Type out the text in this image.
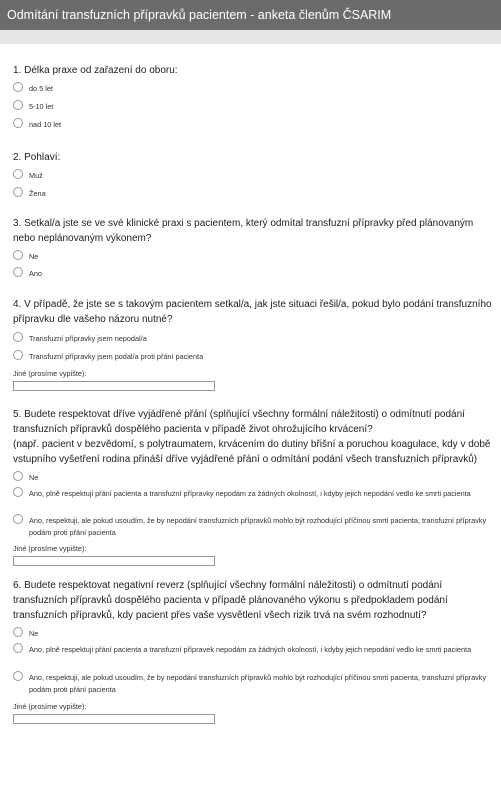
Odmítání transfuzních přípravků pacientem - anketa členům ČSARIM

1. Délka praxe od zařazení do oboru:

do 5 let
5-10 let
nad 10 let

2. Pohlaví:

Muž
Žena

3. Setkal/a jste se ve své klinické praxi s pacientem, který odmítal transfuzní přípravky před plánovaným nebo neplánovaným výkonem?

Ne
Ano

4. V případě, že jste se s takovým pacientem setkal/a, jak jste situaci řešil/a, pokud bylo podání transfuzního přípravku dle vašeho názoru nutné?

Transfuzní přípravky jsem nepodal/a
Transfuzní přípravky jsem podal/a proti přání pacienta
Jiné (prosíme vypište):

5. Budete respektovat dříve vyjádřené přání (splňující všechny formální náležitosti) o odmítnutí podání transfuzních přípravků dospělého pacienta v případě život ohrožujícího krvácení?

(např. pacient v bezvědomí, s polytraumatem, krvácením do dutiny břišní a poruchou koagulace, kdy v době vstupního vyšetření rodina přináší dříve vyjádřené přání o odmítání podání všech transfuzních přípravků)

Ne
Ano, plně respektuji přání pacienta a transfuzní přípravky nepodám za žádných okolností, i kdyby jejich nepodání vedlo ke smrti pacienta
Ano, respektuji, ale pokud usoudím, že by nepodání transfuzních přípravků mohlo být rozhodující příčinou smrti pacienta, transfuzní přípravky podám proti přání pacienta
Jiné (prosíme vypište):

6. Budete respektovat negativní reverz (splňující všechny formální náležitosti) o odmítnutí podání transfuzních přípravků dospělého pacienta v případě plánovaného výkonu s předpokladem podání transfuzních přípravků, kdy pacient přes vaše vysvětlení všech rizik trvá na svém rozhodnutí?

Ne
Ano, plně respektuji přání pacienta a transfuzní přípravek nepodám za žádných okolností, i kdyby jejich nepodání vedlo ke smrti pacienta
Ano, respektuji, ale pokud usoudím, že by nepodání transfuzních přípravků mohlo být rozhodující příčinou smrti pacienta, transfuzní přípravky podám proti přání pacienta
Jiné (prosíme vypište):
